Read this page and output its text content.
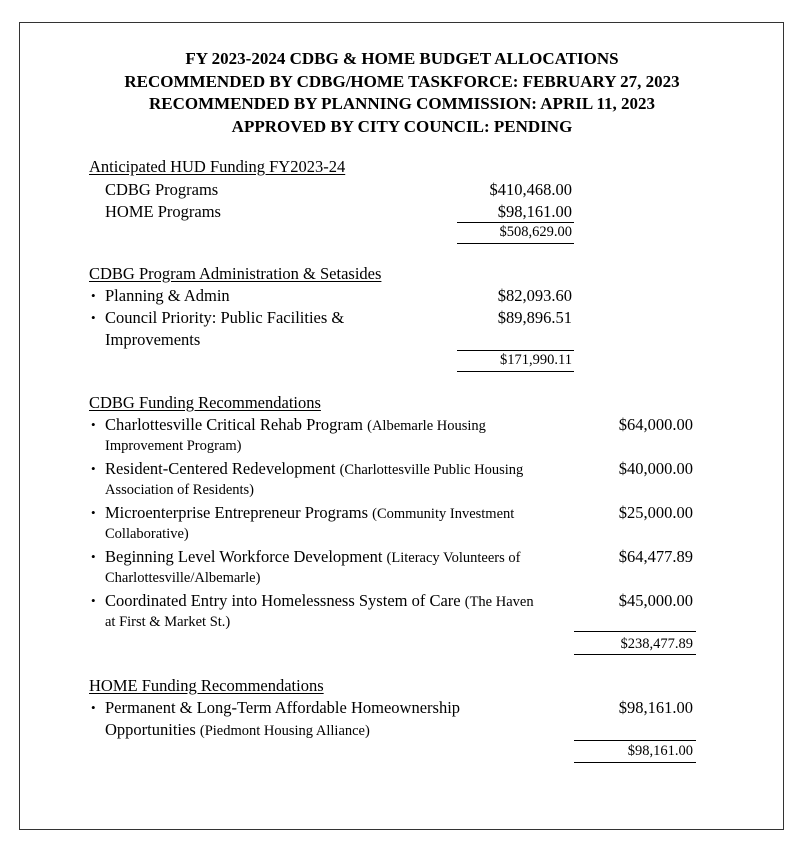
FY 2023-2024 CDBG & HOME BUDGET ALLOCATIONS
RECOMMENDED BY CDBG/HOME TASKFORCE: FEBRUARY 27, 2023
RECOMMENDED BY PLANNING COMMISSION: APRIL 11, 2023
APPROVED BY CITY COUNCIL: PENDING
Anticipated HUD Funding FY2023-24
CDBG Programs	$410,468.00
HOME Programs	$98,161.00
$508,629.00
CDBG Program Administration & Setasides
• Planning & Admin	$82,093.60
• Council Priority: Public Facilities &	$89,896.51
Improvements
$171,990.11
CDBG Funding Recommendations
• Charlottesville Critical Rehab Program (Albemarle Housing
Improvement Program)
$64,000.00
• Resident-Centered Redevelopment (Charlottesville Public Housing
Association of Residents)
$40,000.00
• Microenterprise Entrepreneur Programs (Community Investment
Collaborative)
$25,000.00
• Beginning Level Workforce Development (Literacy Volunteers of
Charlottesville/Albemarle)
$64,477.89
• Coordinated Entry into Homelessness System of Care (The Haven
at First & Market St.)
$45,000.00
$238,477.89
HOME Funding Recommendations
• Permanent & Long-Term Affordable Homeownership
Opportunities (Piedmont Housing Alliance)
$98,161.00
$98,161.00
